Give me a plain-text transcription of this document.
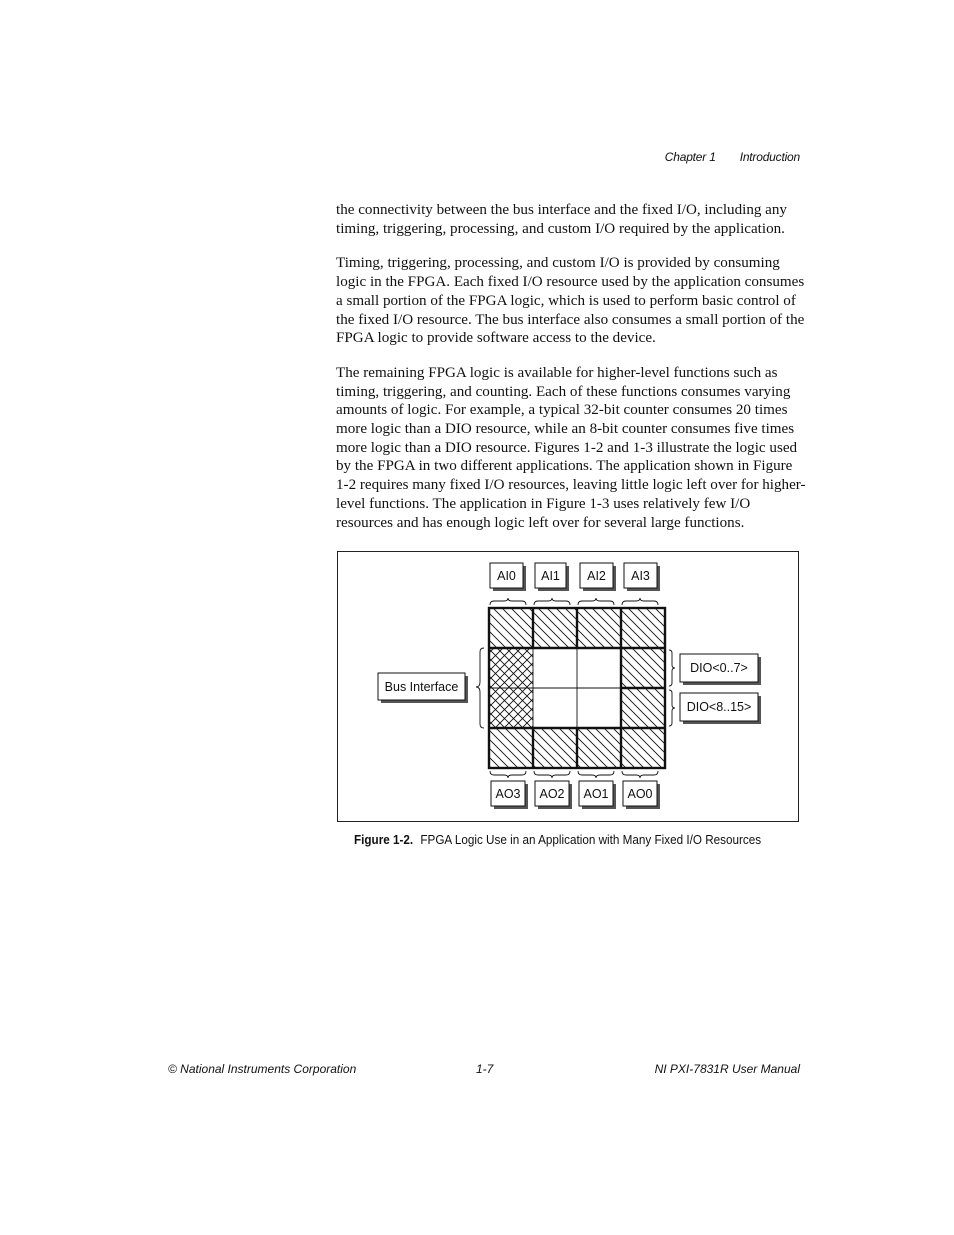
Chapter 1 Introduction

the connectivity between the bus interface and the fixed I/O, including any timing, triggering, processing, and custom I/O required by the application.

Timing, triggering, processing, and custom I/O is provided by consuming logic in the FPGA. Each fixed I/O resource used by the application consumes a small portion of the FPGA logic, which is used to perform basic control of the fixed I/O resource. The bus interface also consumes a small portion of the FPGA logic to provide software access to the device.

The remaining FPGA logic is available for higher-level functions such as timing, triggering, and counting. Each of these functions consumes varying amounts of logic. For example, a typical 32-bit counter consumes 20 times more logic than a DIO resource, while an 8-bit counter consumes five times more logic than a DIO resource. Figures 1-2 and 1-3 illustrate the logic used by the FPGA in two different applications. The application shown in Figure 1-2 requires many fixed I/O resources, leaving little logic left over for higher-level functions. The application in Figure 1-3 uses relatively few I/O resources and has enough logic left over for several large functions.

AI0 AI1 AI2 AI3
Bus Interface
DIO<0..7>
DIO<8..15>
AO3 AO2 AO1 AO0
Figure 1-2. FPGA Logic Use in an Application with Many Fixed I/O Resources
© National Instruments Corporation	1-7	NI PXI-7831R User Manual
